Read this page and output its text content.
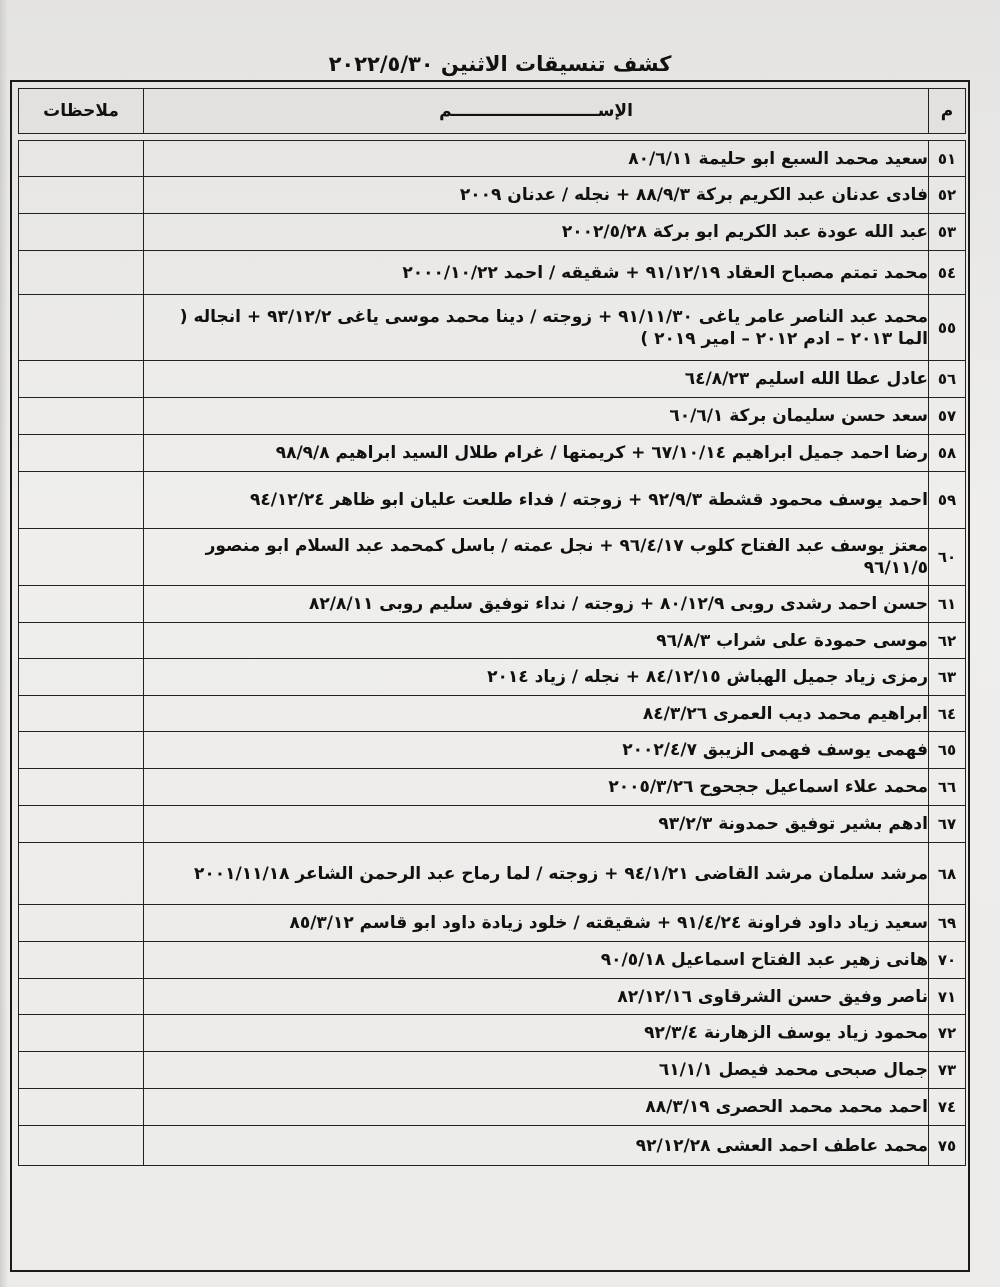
كشف تنسيقات الاثنين ٢٠٢٢/٥/٣٠
م	الإســـــــــــــــــــــــــم	ملاحظات

٥١	سعيد محمد السبع ابو حليمة ٨٠/٦/١١	
٥٢	فادى عدنان عبد الكريم بركة ٨٨/٩/٣ + نجله / عدنان ٢٠٠٩	
٥٣	عبد الله عودة عبد الكريم ابو بركة ٢٠٠٢/٥/٢٨	
٥٤	محمد تمتم مصباح العقاد ٩١/١٢/١٩ + شقيقه / احمد ٢٠٠٠/١٠/٢٢	
٥٥	محمد عبد الناصر عامر ياغى ٩١/١١/٣٠ + زوجته / دينا محمد موسى ياغى ٩٣/١٢/٢ + انجاله ( الما ٢٠١٣ – ادم ٢٠١٢ – امير ٢٠١٩ )	
٥٦	عادل عطا الله اسليم ٦٤/٨/٢٣	
٥٧	سعد حسن سليمان بركة ٦٠/٦/١	
٥٨	رضا احمد جميل ابراهيم ٦٧/١٠/١٤ + كريمتها / غرام طلال السيد ابراهيم ٩٨/٩/٨	
٥٩	احمد يوسف محمود قشطة ٩٢/٩/٣ + زوجته / فداء طلعت عليان ابو ظاهر ٩٤/١٢/٢٤	
٦٠	معتز يوسف عبد الفتاح كلوب ٩٦/٤/١٧ + نجل عمته / باسل كمحمد عبد السلام ابو منصور ٩٦/١١/٥	
٦١	حسن احمد رشدى روبى ٨٠/١٢/٩ + زوجته / نداء توفيق سليم روبى ٨٢/٨/١١	
٦٢	موسى حمودة على شراب ٩٦/٨/٣	
٦٣	رمزى زياد جميل الهباش ٨٤/١٢/١٥ + نجله / زياد ٢٠١٤	
٦٤	ابراهيم محمد ديب العمرى ٨٤/٣/٢٦	
٦٥	فهمى يوسف فهمى الزيبق ٢٠٠٢/٤/٧	
٦٦	محمد علاء اسماعيل ججحوح ٢٠٠٥/٣/٢٦	
٦٧	ادهم بشير توفيق حمدونة ٩٣/٢/٣	
٦٨	مرشد سلمان مرشد القاضى ٩٤/١/٢١ + زوجته / لما رماح عبد الرحمن الشاعر ٢٠٠١/١١/١٨	
٦٩	سعيد زياد داود فراونة ٩١/٤/٢٤ + شقيقته / خلود زيادة داود ابو قاسم ٨٥/٣/١٢	
٧٠	هانى زهير عبد الفتاح اسماعيل ٩٠/٥/١٨	
٧١	ناصر وفيق حسن الشرقاوى ٨٢/١٢/١٦	
٧٢	محمود زياد يوسف الزهارنة ٩٢/٣/٤	
٧٣	جمال صبحى محمد فيصل ٦١/١/١	
٧٤	احمد محمد محمد الحصرى ٨٨/٣/١٩	
٧٥	محمد عاطف احمد العشى ٩٢/١٢/٢٨	
